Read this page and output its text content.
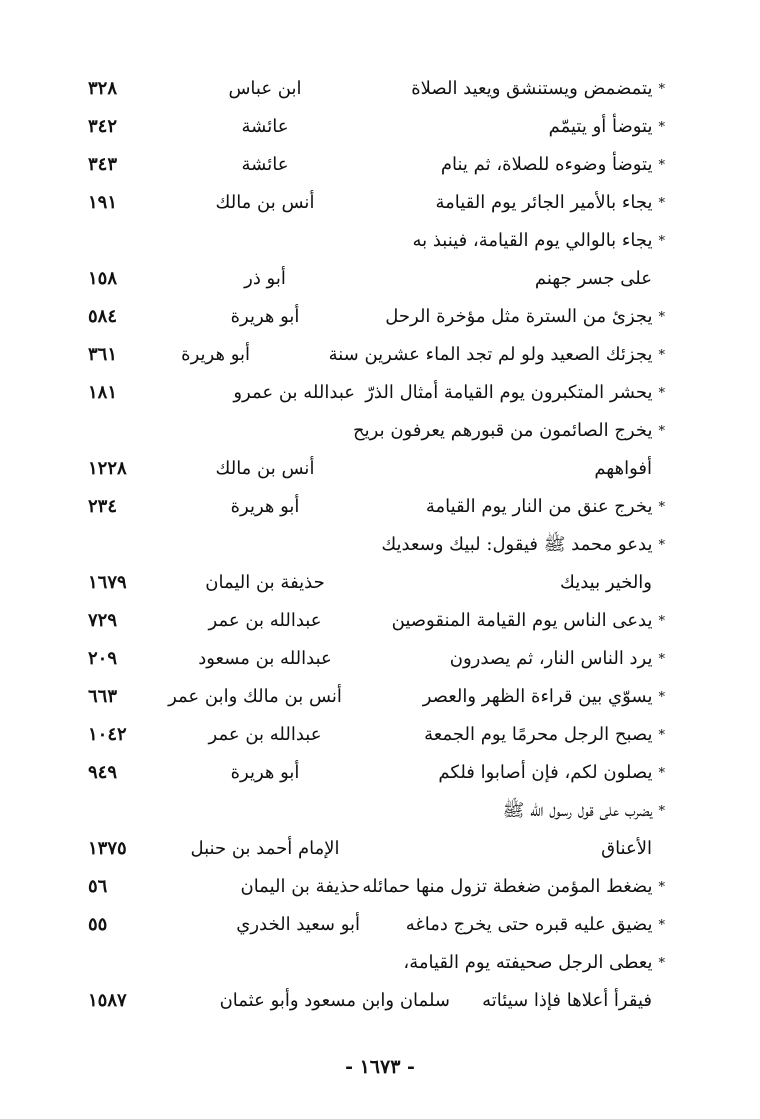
*يتمضمض ويستنشق ويعيد الصلاة
ابن عباس
٣٢٨
*يتوضأ أو يتيمّم
عائشة
٣٤٢
*يتوضأ وضوءه للصلاة، ثم ينام
عائشة
٣٤٣
*يجاء بالأمير الجائر يوم القيامة
أنس بن مالك
١٩١
*يجاء بالوالي يوم القيامة، فينبذ به
على جسر جهنم
أبو ذر
١٥٨
*يجزئ من السترة مثل مؤخرة الرحل
أبو هريرة
٥٨٤
*يجزئك الصعيد ولو لم تجد الماء عشرين سنة
أبو هريرة
٣٦١
*يحشر المتكبرون يوم القيامة أمثال الذرّ
عبدالله بن عمرو
١٨١
*يخرج الصائمون من قبورهم يعرفون بريح
أفواههم
أنس بن مالك
١٢٢٨
*يخرج عنق من النار يوم القيامة
أبو هريرة
٢٣٤
*يدعو محمد ﷺ فيقول: لبيك وسعديك
والخير بيديك
حذيفة بن اليمان
١٦٧٩
*يدعى الناس يوم القيامة المنقوصين
عبدالله بن عمر
٧٢٩
*يرد الناس النار، ثم يصدرون
عبدالله بن مسعود
٢٠٩
*يسوّي بين قراءة الظهر والعصر
أنس بن مالك وابن عمر
٦٦٣
*يصبح الرجل محرمًا يوم الجمعة
عبدالله بن عمر
١٠٤٢
*يصلون لكم، فإن أصابوا فلكم
أبو هريرة
٩٤٩
*يضرب على قول رسول الله ﷺ
الأعناق
الإمام أحمد بن حنبل
١٣٧٥
*يضغط المؤمن ضغطة تزول منها حمائله
حذيفة بن اليمان
٥٦
*يضيق عليه قبره حتى يخرج دماغه
أبو سعيد الخدري
٥٥
*يعطى الرجل صحيفته يوم القيامة،
فيقرأ أعلاها فإذا سيئاته
سلمان وابن مسعود وأبو عثمان
١٥٨٧
- ١٦٧٣ -
